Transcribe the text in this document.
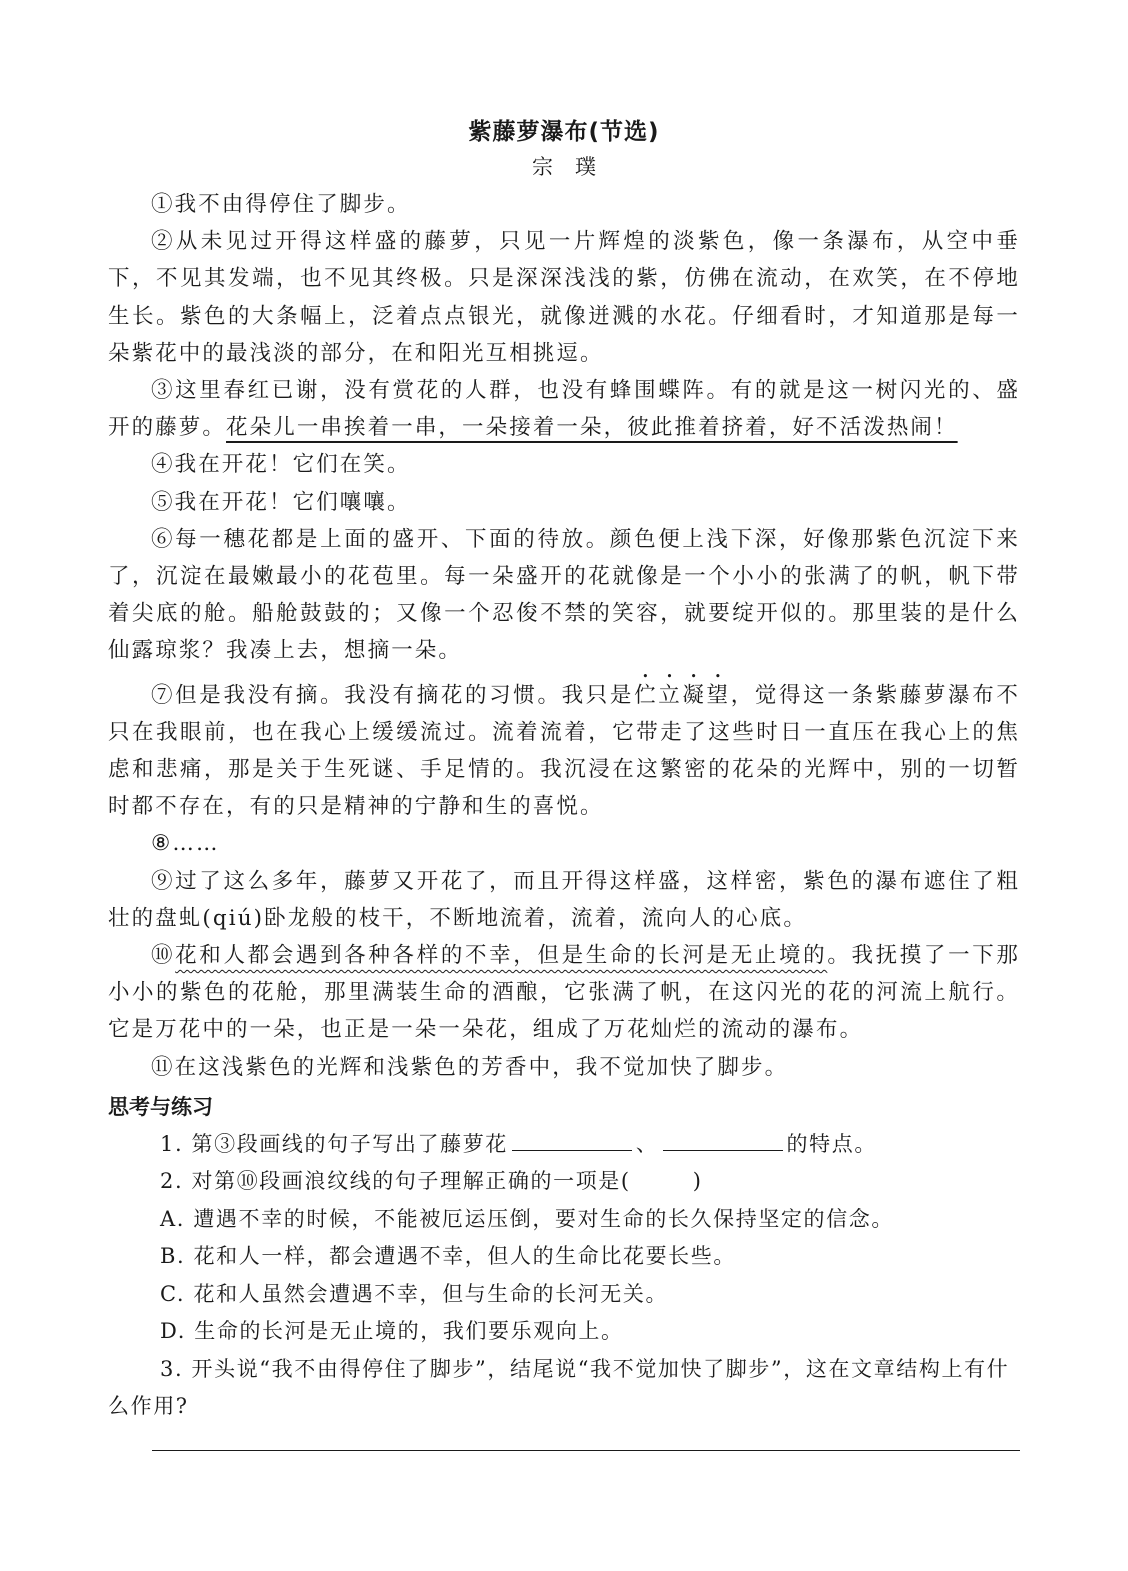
紫藤萝瀑布(节选)
宗璞

①我不由得停住了脚步。

②从未见过开得这样盛的藤萝，只见一片辉煌的淡紫色，像一条瀑布，从空中垂下，不见其发端，也不见其终极。只是深深浅浅的紫，仿佛在流动，在欢笑，在不停地生长。紫色的大条幅上，泛着点点银光，就像迸溅的水花。仔细看时，才知道那是每一朵紫花中的最浅淡的部分，在和阳光互相挑逗。

③这里春红已谢，没有赏花的人群，也没有蜂围蝶阵。有的就是这一树闪光的、盛开的藤萝。花朵儿一串挨着一串，一朵接着一朵，彼此推着挤着，好不活泼热闹！

④我在开花！它们在笑。

⑤我在开花！它们嚷嚷。

⑥每一穗花都是上面的盛开、下面的待放。颜色便上浅下深，好像那紫色沉淀下来了，沉淀在最嫩最小的花苞里。每一朵盛开的花就像是一个小小的张满了的帆，帆下带着尖底的舱。船舱鼓鼓的；又像一个忍俊不禁的笑容，就要绽开似的。那里装的是什么仙露琼浆？我凑上去，想摘一朵。

⑦但是我没有摘。我没有摘花的习惯。我只是伫立凝望，觉得这一条紫藤萝瀑布不只在我眼前，也在我心上缓缓流过。流着流着，它带走了这些时日一直压在我心上的焦虑和悲痛，那是关于生死谜、手足情的。我沉浸在这繁密的花朵的光辉中，别的一切暂时都不存在，有的只是精神的宁静和生的喜悦。

⑧……

⑨过了这么多年，藤萝又开花了，而且开得这样盛，这样密，紫色的瀑布遮住了粗壮的盘虬(qiú)卧龙般的枝干，不断地流着，流着，流向人的心底。

⑩花和人都会遇到各种各样的不幸，但是生命的长河是无止境的。我抚摸了一下那小小的紫色的花舱，那里满装生命的酒酿，它张满了帆，在这闪光的花的河流上航行。它是万花中的一朵，也正是一朵一朵花，组成了万花灿烂的流动的瀑布。

⑪在这浅紫色的光辉和浅紫色的芳香中，我不觉加快了脚步。

思考与练习

1. 第③段画线的句子写出了藤萝花	、	的特点。

2. 对第⑩段画浪纹线的句子理解正确的一项是(	)

A. 遭遇不幸的时候，不能被厄运压倒，要对生命的长久保持坚定的信念。

B. 花和人一样，都会遭遇不幸，但人的生命比花要长些。

C. 花和人虽然会遭遇不幸，但与生命的长河无关。

D. 生命的长河是无止境的，我们要乐观向上。

3. 开头说“我不由得停住了脚步”，结尾说“我不觉加快了脚步”，这在文章结构上有什么作用?
